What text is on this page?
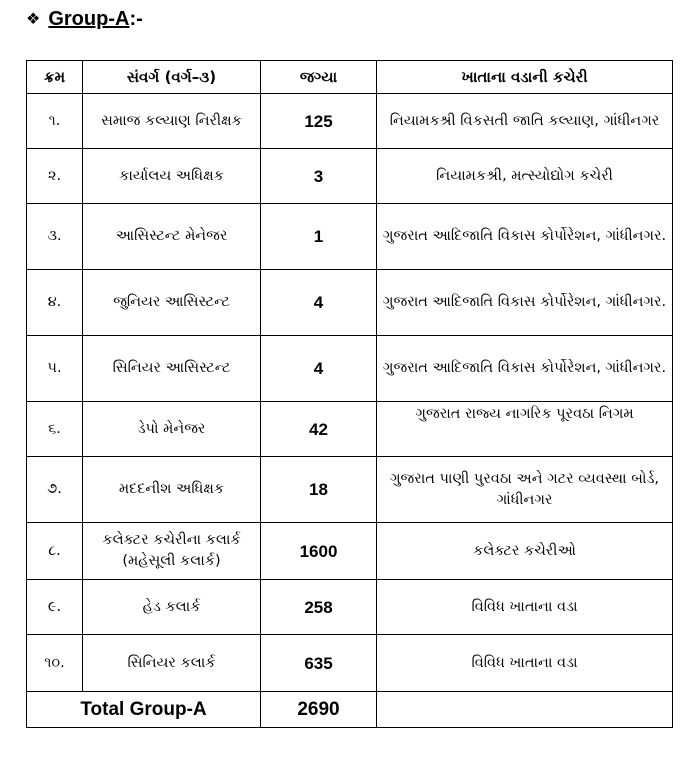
❖ Group-A:-
ક્રમ	સંવર્ગ (વર્ગ–૩)	જગ્યા	ખાતાના વડાની કચેરી
૧.	સમાજ કલ્યાણ નિરીક્ષક	125	નિયામકશ્રી વિકસતી જાતિ કલ્યાણ, ગાંધીનગર
૨.	કાર્યાલય અધિક્ષક	3	નિયામકશ્રી, મત્સ્યોદ્યોગ કચેરી
૩.	આસિસ્ટન્ટ મેનેજર	1	ગુજરાત આદિજાતિ વિકાસ કોર્પોરેશન, ગાંધીનગર.
૪.	જુનિયર આસિસ્ટન્ટ	4	ગુજરાત આદિજાતિ વિકાસ કોર્પોરેશન, ગાંધીનગર.
૫.	સિનિયર આસિસ્ટન્ટ	4	ગુજરાત આદિજાતિ વિકાસ કોર્પોરેશન, ગાંધીનગર.
૬.	ડેપો મેનેજર	42	ગુજરાત રાજ્ય નાગરિક પૂરવઠા નિગમ
૭.	મદદનીશ અધિક્ષક	18	ગુજરાત પાણી પુરવઠા અને ગટર વ્યવસ્થા બોર્ડ, ગાંધીનગર
૮.	કલેક્ટર કચેરીના કલાર્ક (મહેસૂલી કલાર્ક)	1600	કલેક્ટર કચેરીઓ
૯.	હેડ કલાર્ક	258	વિવિધ ખાતાના વડા
૧૦.	સિનિયર કલાર્ક	635	વિવિધ ખાતાના વડા
Total Group-A		2690	
